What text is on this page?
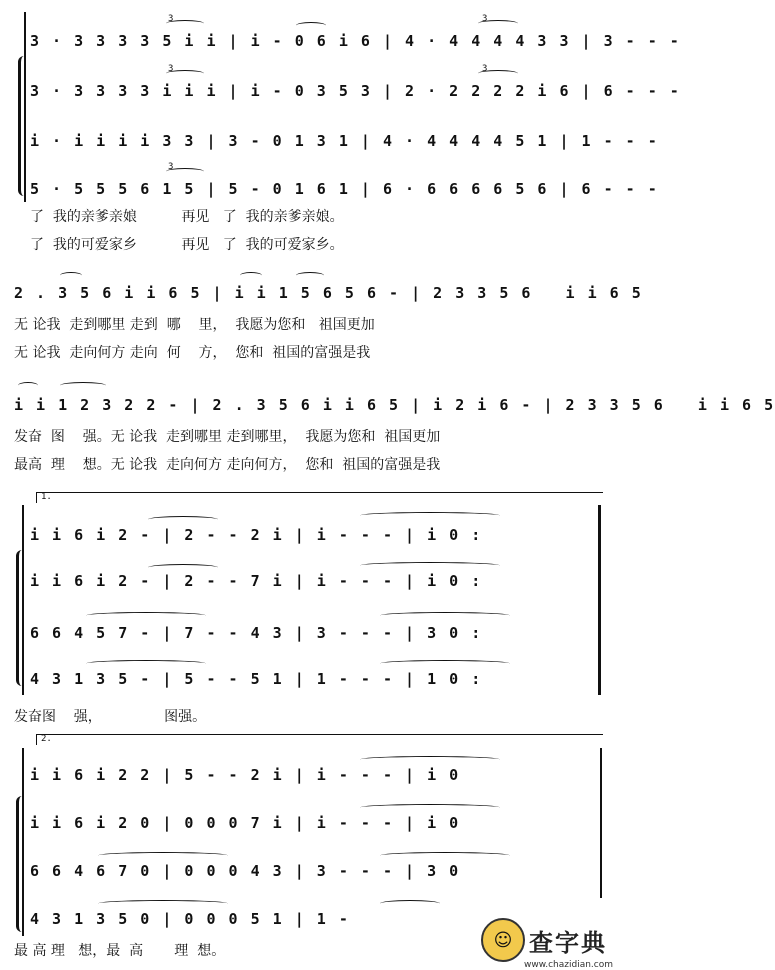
3 · 3 3 3 3 5 i i | i - 0 6 i 6 | 4 · 4 4 4 4 3 3 | 3 - - -
3 · 3 3 3 3 i i i | i - 0 3 5 3 | 2 · 2 2 2 2 i 6 | 6 - - -
i · i i i i 3 3 | 3 - 0 1 3 1 | 4 · 4 4 4 4 5 1 | 1 - - -
5 · 5 5 5 6 1 5 | 5 - 0 1 6 1 | 6 · 6 6 6 6 5 6 | 6 - - -
3	3
3	3
3
了  我的亲爹亲娘          再见   了  我的亲爹亲娘。
了  我的可爱家乡          再见   了  我的可爱家乡。
2 . 3 5 6 i i 6 5 | i i 1 5 6 5 6 - | 2 3 3 5 6   i i 6 5
无 论我  走到哪里 走到  哪    里，  我愿为您和   祖国更加
无 论我  走向何方 走向  何    方，  您和  祖国的富强是我
i i 1 2 3 2 2 - | 2 . 3 5 6 i i 6 5 | i 2 i 6 - | 2 3 3 5 6   i i 6 5
发奋  图    强。无 论我  走到哪里 走到哪里，  我愿为您和  祖国更加
最高  理    想。无 论我  走向何方 走向何方，  您和  祖国的富强是我
1.
i i 6 i 2 - | 2 - - 2 i | i - - - | i 0 :
i i 6 i 2 - | 2 - - 7 i | i - - - | i 0 :
6 6 4 5 7 - | 7 - - 4 3 | 3 - - - | 3 0 :
4 3 1 3 5 - | 5 - - 5 1 | 1 - - - | 1 0 :
发奋图    强，              图强。
2.
i i 6 i 2 2 | 5 - - 2 i | i - - - | i 0
i i 6 i 2 0 | 0 0 0 7 i | i - - - | i 0
6 6 4 6 7 0 | 0 0 0 4 3 | 3 - - - | 3 0
4 3 1 3 5 0 | 0 0 0 5 1 | 1 -
最 高 理   想，最  高       理  想。
☺ 查字典
www.chazidian.com
